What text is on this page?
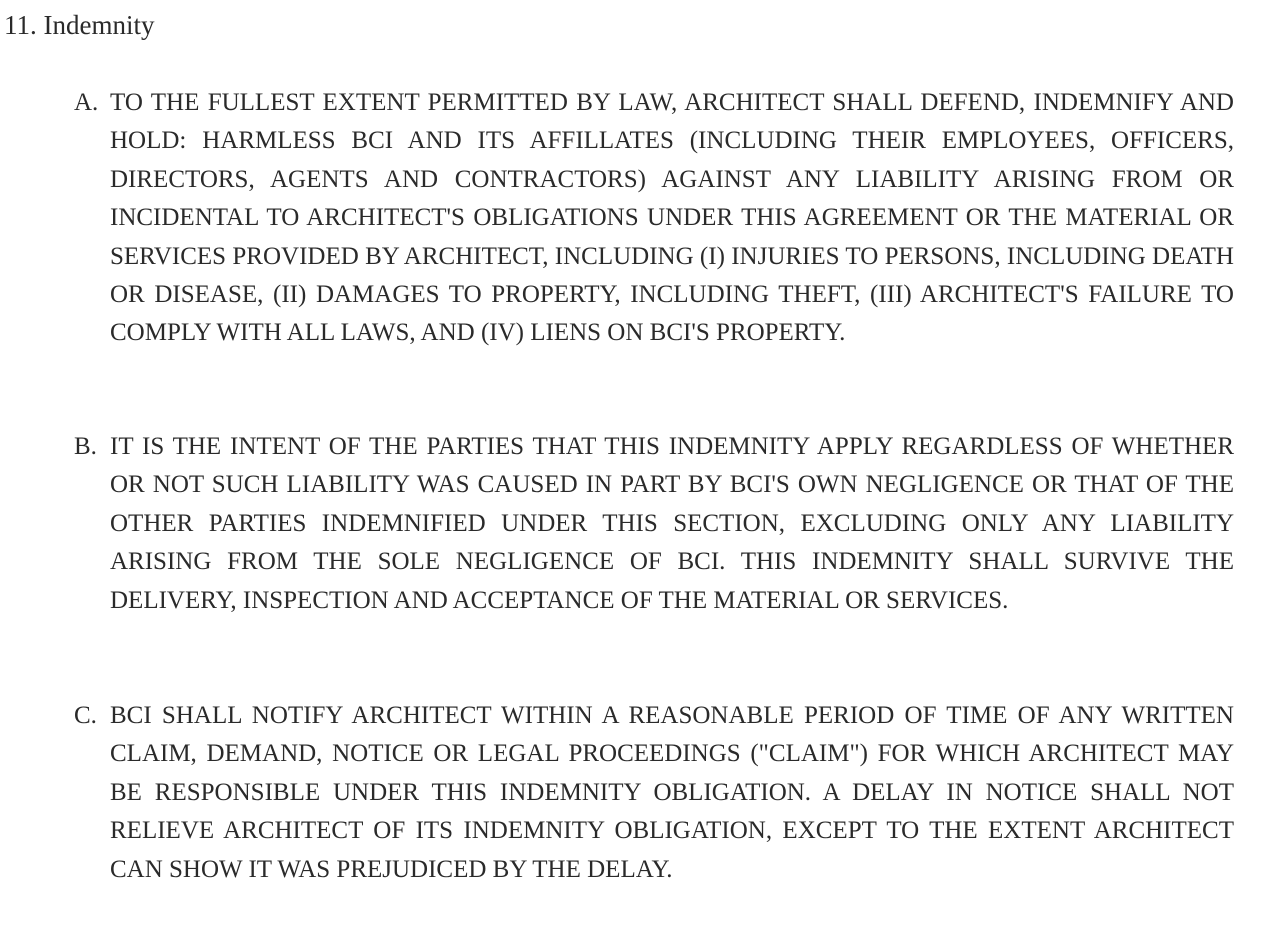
11. Indemnity
A. TO THE FULLEST EXTENT PERMITTED BY LAW, ARCHITECT SHALL DEFEND, INDEMNIFY AND HOLD: HARMLESS BCI AND ITS AFFILLATES (INCLUDING THEIR EMPLOYEES, OFFICERS, DIRECTORS, AGENTS AND CONTRACTORS) AGAINST ANY LIABILITY ARISING FROM OR INCIDENTAL TO ARCHITECT'S OBLIGATIONS UNDER THIS AGREEMENT OR THE MATERIAL OR SERVICES PROVIDED BY ARCHITECT, INCLUDING (I) INJURIES TO PERSONS, INCLUDING DEATH OR DISEASE, (II) DAMAGES TO PROPERTY, INCLUDING THEFT, (III) ARCHITECT'S FAILURE TO COMPLY WITH ALL LAWS, AND (IV) LIENS ON BCI'S PROPERTY.
B. IT IS THE INTENT OF THE PARTIES THAT THIS INDEMNITY APPLY REGARDLESS OF WHETHER OR NOT SUCH LIABILITY WAS CAUSED IN PART BY BCI'S OWN NEGLIGENCE OR THAT OF THE OTHER PARTIES INDEMNIFIED UNDER THIS SECTION, EXCLUDING ONLY ANY LIABILITY ARISING FROM THE SOLE NEGLIGENCE OF BCI. THIS INDEMNITY SHALL SURVIVE THE DELIVERY, INSPECTION AND ACCEPTANCE OF THE MATERIAL OR SERVICES.
C. BCI SHALL NOTIFY ARCHITECT WITHIN A REASONABLE PERIOD OF TIME OF ANY WRITTEN CLAIM, DEMAND, NOTICE OR LEGAL PROCEEDINGS ("CLAIM") FOR WHICH ARCHITECT MAY BE RESPONSIBLE UNDER THIS INDEMNITY OBLIGATION. A DELAY IN NOTICE SHALL NOT RELIEVE ARCHITECT OF ITS INDEMNITY OBLIGATION, EXCEPT TO THE EXTENT ARCHITECT CAN SHOW IT WAS PREJUDICED BY THE DELAY.
